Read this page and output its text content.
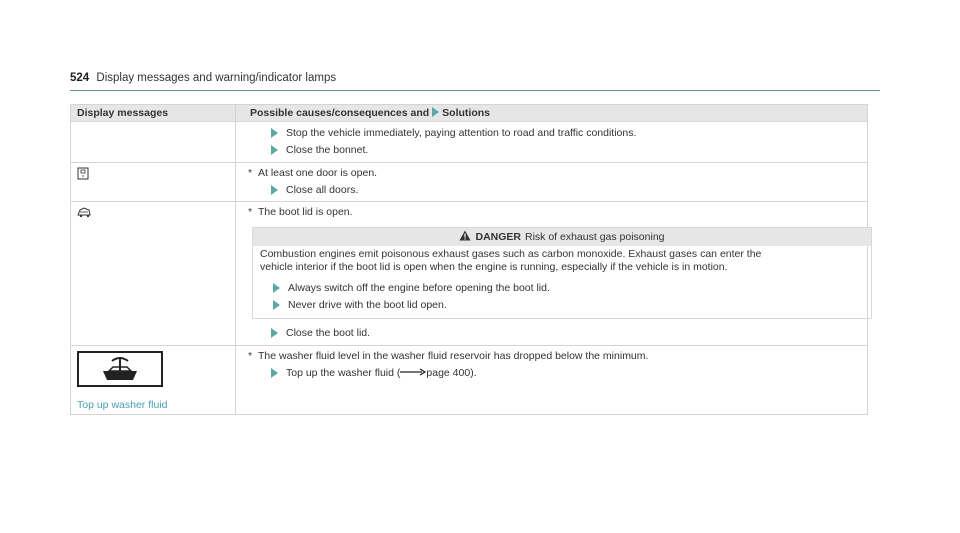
524 Display messages and warning/indicator lamps
Display messages	Possible causes/consequences and Solutions
Stop the vehicle immediately, paying attention to road and traffic conditions.
Close the bonnet.
* At least one door is open.
Close all doors.
* The boot lid is open.
DANGER Risk of exhaust gas poisoning

Combustion engines emit poisonous exhaust gases such as carbon monoxide. Exhaust gases can enter the
vehicle interior if the boot lid is open when the engine is running, especially if the vehicle is in motion.

Always switch off the engine before opening the boot lid.
Never drive with the boot lid open.
Close the boot lid.
Top up washer fluid
* The washer fluid level in the washer fluid reservoir has dropped below the minimum.
Top up the washer fluid ( page 400).
